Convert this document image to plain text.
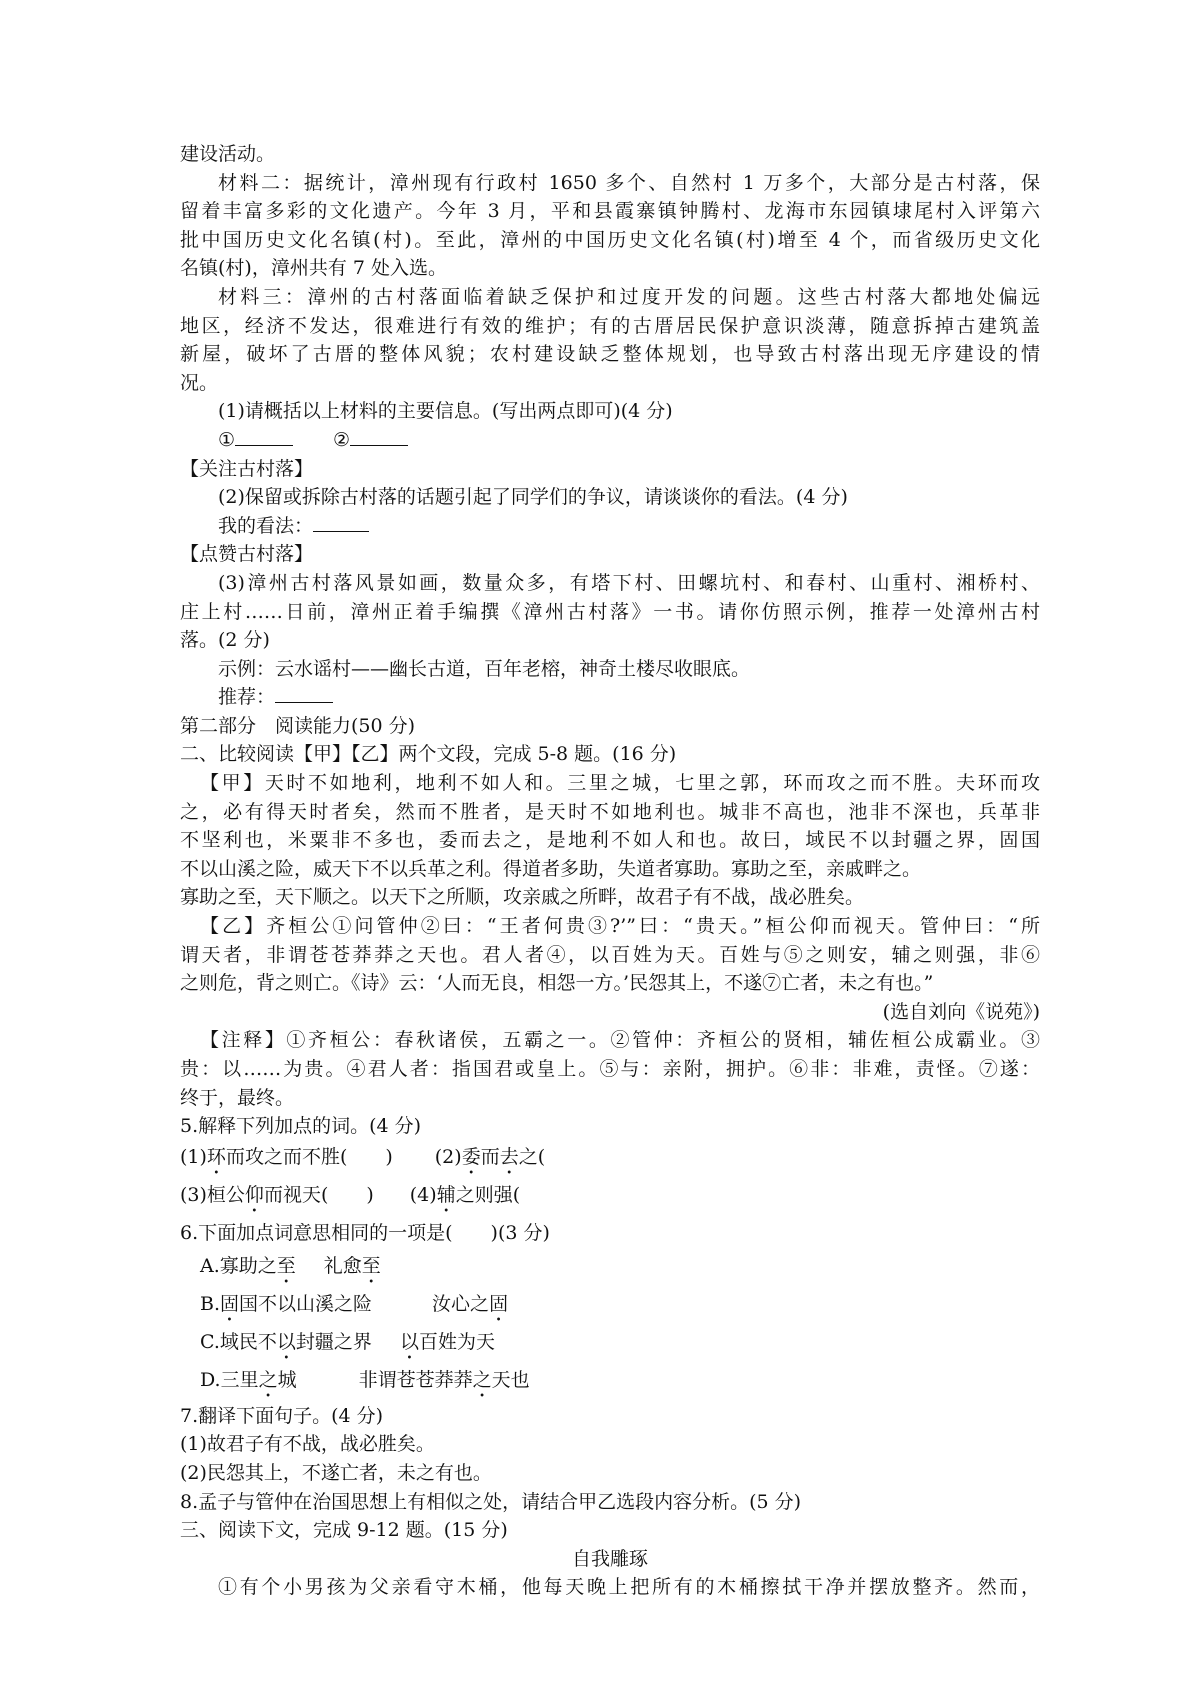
建设活动。

材料二：据统计，漳州现有行政村 1650 多个、自然村 1 万多个，大部分是古村落，保

留着丰富多彩的文化遗产。今年 3 月，平和县霞寨镇钟腾村、龙海市东园镇埭尾村入评第六

批中国历史文化名镇(村)。至此，漳州的中国历史文化名镇(村)增至 4 个，而省级历史文化

名镇(村)，漳州共有 7 处入选。

材料三：漳州的古村落面临着缺乏保护和过度开发的问题。这些古村落大都地处偏远

地区，经济不发达，很难进行有效的维护；有的古厝居民保护意识淡薄，随意拆掉古建筑盖

新屋，破坏了古厝的整体风貌；农村建设缺乏整体规划，也导致古村落出现无序建设的情

况。

(1)请概括以上材料的主要信息。(写出两点即可)(4 分)

①	②

【关注古村落】

(2)保留或拆除古村落的话题引起了同学们的争议，请谈谈你的看法。(4 分)

我的看法：

【点赞古村落】

(3)漳州古村落风景如画，数量众多，有塔下村、田螺坑村、和春村、山重村、湘桥村、

庄上村……日前，漳州正着手编撰《漳州古村落》一书。请你仿照示例，推荐一处漳州古村

落。(2 分)

示例：云水谣村——幽长古道，百年老榕，神奇土楼尽收眼底。

推荐：

第二部分　阅读能力(50 分)

二、比较阅读【甲】【乙】两个文段，完成 5-8 题。(16 分)

【甲】天时不如地利，地利不如人和。三里之城，七里之郭，环而攻之而不胜。夫环而攻

之，必有得天时者矣，然而不胜者，是天时不如地利也。城非不高也，池非不深也，兵革非

不坚利也，米粟非不多也，委而去之，是地利不如人和也。故曰，域民不以封疆之界，固国

不以山溪之险，威天下不以兵革之利。得道者多助，失道者寡助。寡助之至，亲戚畔之。

寡助之至，天下顺之。以天下之所顺，攻亲戚之所畔，故君子有不战，战必胜矣。

【乙】齐桓公①问管仲②曰：“王者何贵③?’”曰：“贵天。”桓公仰而视天。管仲曰：“所

谓天者，非谓苍苍莽莽之天也。君人者④，以百姓为天。百姓与⑤之则安，辅之则强，非⑥

之则危，背之则亡。《诗》云：‘人而无良，相怨一方。’民怨其上，不遂⑦亡者，未之有也。”

(选自刘向《说苑》)

【注释】①齐桓公：春秋诸侯，五霸之一。②管仲：齐桓公的贤相，辅佐桓公成霸业。③

贵：以……为贵。④君人者：指国君或皇上。⑤与：亲附，拥护。⑥非：非难，责怪。⑦遂：

终于，最终。

5.解释下列加点的词。(4 分)

(1)环而攻之而不胜(　　) (2)委而去之(

(3)桓公仰而视天(　　) (4)辅之则强(

6.下面加点词意思相同的一项是(　　)(3 分)

A.寡助之至 礼愈至

B.固国不以山溪之险	汝心之固

C.域民不以封疆之界 以百姓为天

D.三里之城	非谓苍苍莽莽之天也

7.翻译下面句子。(4 分)

(1)故君子有不战，战必胜矣。

(2)民怨其上，不遂亡者，未之有也。

8.孟子与管仲在治国思想上有相似之处，请结合甲乙选段内容分析。(5 分)

三、阅读下文，完成 9-12 题。(15 分)

自我雕琢

①有个小男孩为父亲看守木桶，他每天晚上把所有的木桶擦拭干净并摆放整齐。然而，
